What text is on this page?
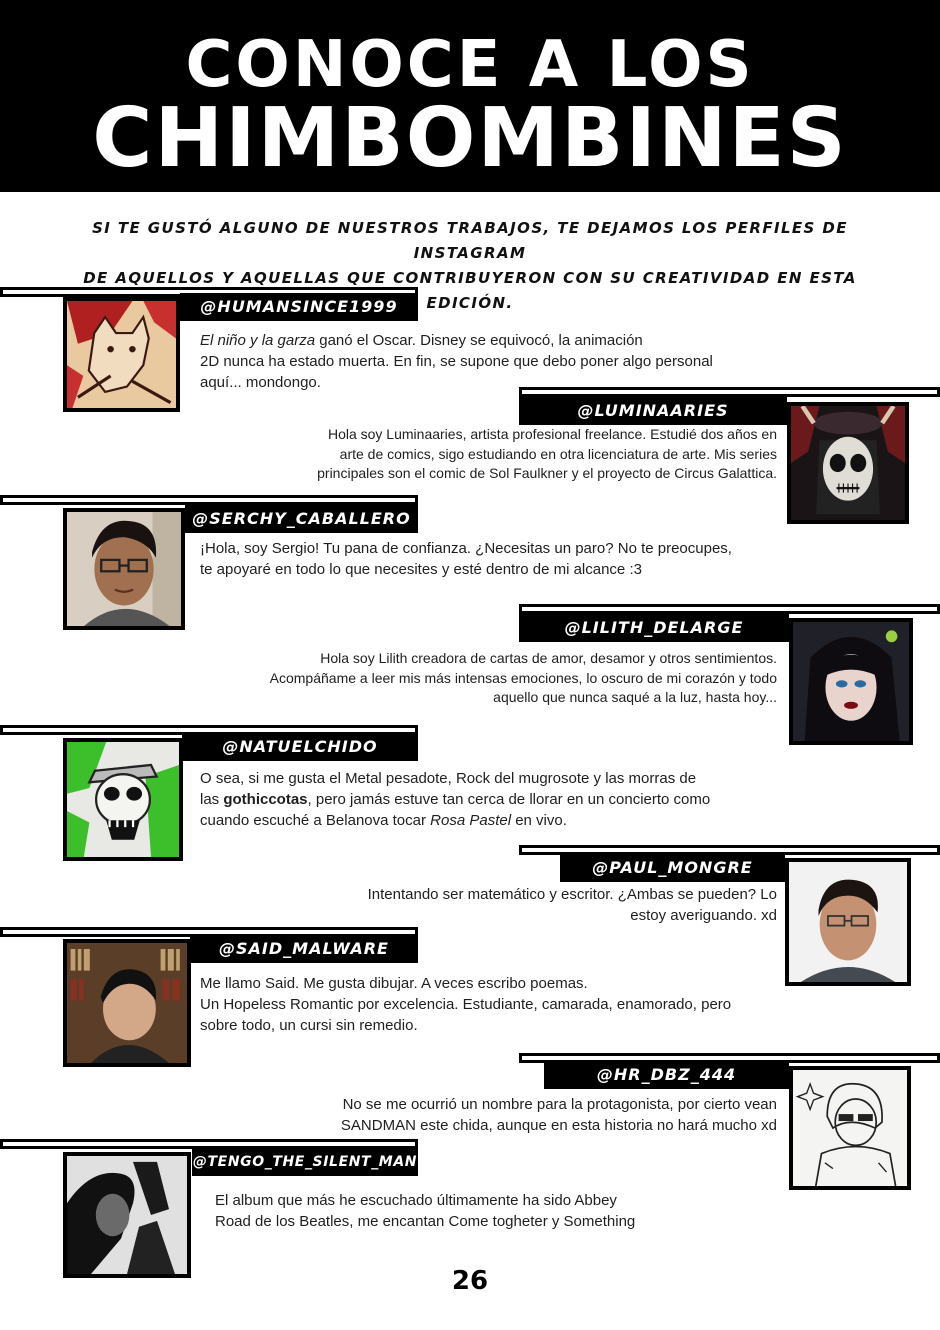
CONOCE A LOS
CHIMBOMBINES
SI TE GUSTÓ ALGUNO DE NUESTROS TRABAJOS, TE DEJAMOS LOS PERFILES DE INSTAGRAM
DE AQUELLOS Y AQUELLAS QUE CONTRIBUYERON CON SU CREATIVIDAD EN ESTA EDICIÓN.
@HUMANSINCE1999
El niño y la garza ganó el Oscar. Disney se equivocó, la animación
2D nunca ha estado muerta. En fin, se supone que debo poner algo personal
aquí... mondongo.
@LUMINAARIES
Hola soy Luminaaries, artista profesional freelance. Estudié dos años en
arte de comics, sigo estudiando en otra licenciatura de arte. Mis series
principales son el comic de Sol Faulkner y el proyecto de Circus Galattica.
@SERCHY_CABALLERO
¡Hola, soy Sergio! Tu pana de confianza. ¿Necesitas un paro? No te preocupes,
te apoyaré en todo lo que necesites y esté dentro de mi alcance :3
@LILITH_DELARGE
Hola soy Lilith creadora de cartas de amor, desamor y otros sentimientos.
Acompáñame a leer mis más intensas emociones, lo oscuro de mi corazón y todo
aquello que nunca saqué a la luz, hasta hoy...
@NATUELCHIDO
O sea, si me gusta el Metal pesadote, Rock del mugrosote y las morras de
las gothiccotas, pero jamás estuve tan cerca de llorar en un concierto como
cuando escuché a Belanova tocar Rosa Pastel en vivo.
@PAUL_MONGRE
Intentando ser matemático y escritor. ¿Ambas se pueden? Lo
estoy averiguando. xd
@SAID_MALWARE
Me llamo Said. Me gusta dibujar. A veces escribo poemas.
Un Hopeless Romantic por excelencia. Estudiante, camarada, enamorado, pero
sobre todo, un cursi sin remedio.
@HR_DBZ_444
No se me ocurrió un nombre para la protagonista, por cierto vean
SANDMAN este chida, aunque en esta historia no hará mucho xd
@TENGO_THE_SILENT_MAN
El album que más he escuchado últimamente ha sido Abbey
Road de los Beatles, me encantan Come togheter y Something
26
